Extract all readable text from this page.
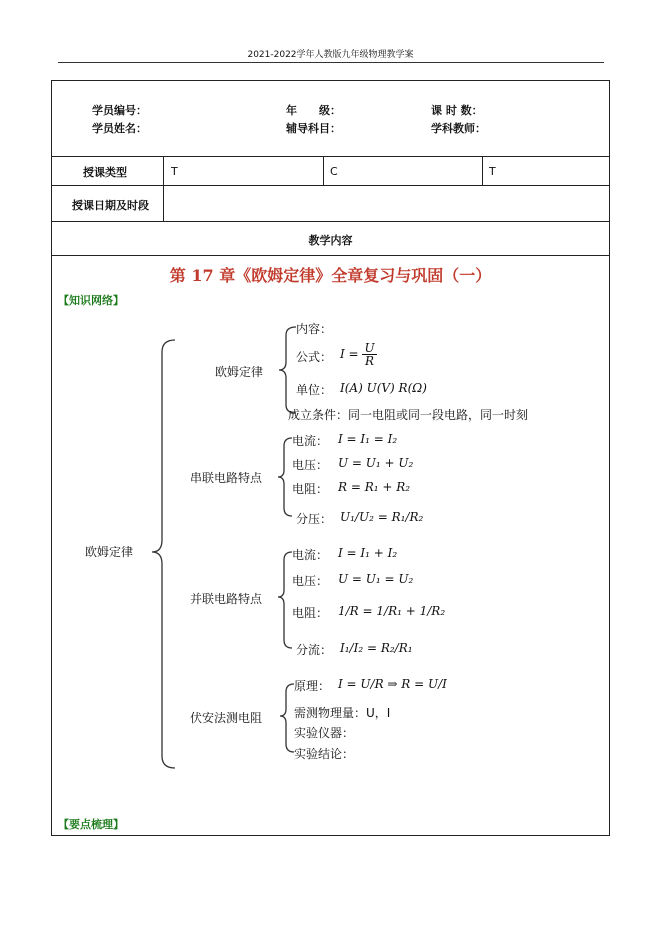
2021-2022学年人教版九年级物理教学案
学员编号：	年　　级：	课 时 数：
学员姓名：	辅导科目：	学科教师：
授课类型	T	C	T
授课日期及时段
教学内容
第 17 章《欧姆定律》全章复习与巩固（一）
【知识网络】
【要点梳理】
欧姆定律
欧姆定律
串联电路特点
并联电路特点
伏安法测电阻
内容：
公式： $I = \frac{U}{R}$
单位： I(A) U(V) R(Ω)
成立条件：同一电阻或同一段电路，同一时刻
电流： I = I₁ = I₂
电压： U = U₁ + U₂
电阻： R = R₁ + R₂
分压： U₁/U₂ = R₁/R₂
电流： I = I₁ + I₂
电压： U = U₁ = U₂
电阻： 1/R = 1/R₁ + 1/R₂
分流： I₁/I₂ = R₂/R₁
原理： I = U/R ⇒ R = U/I
需测物理量：U，I
实验仪器：
实验结论：
